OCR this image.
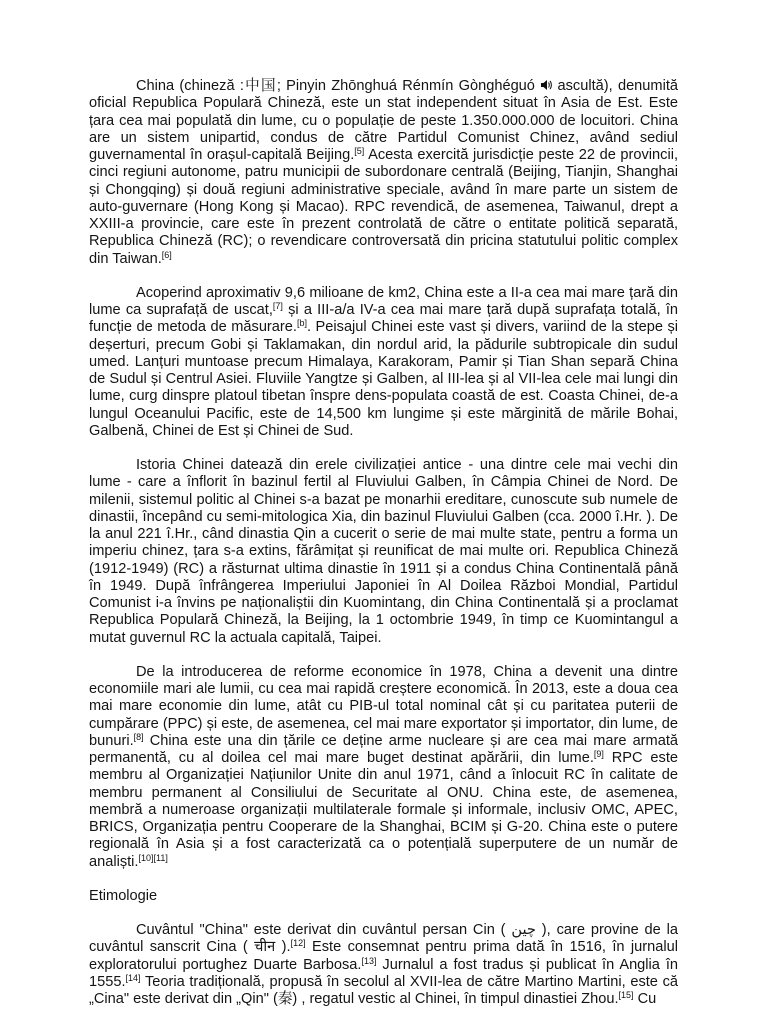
China (chineză :中国; Pinyin Zhōnghuá Rénmín Gònghéguó
ascultă), denumită oficial Republica Populară Chineză, este un stat independent situat în Asia de Est. Este țara cea mai populată din lume, cu o populație de peste 1.350.000.000 de locuitori. China are un sistem unipartid, condus de către Partidul Comunist Chinez, având sediul guvernamental în orașul-capitală Beijing.[5] Acesta exercită jurisdicție peste 22 de provincii, cinci regiuni autonome, patru municipii de subordonare centrală (Beijing, Tianjin, Shanghai și Chongqing) și două regiuni administrative speciale, având în mare parte un sistem de auto-guvernare (Hong Kong și Macao). RPC revendică, de asemenea, Taiwanul, drept a XXIII-a provincie, care este în prezent controlată de către o entitate politică separată, Republica Chineză (RC); o revendicare controversată din pricina statutului politic complex din Taiwan.[6]

Acoperind aproximativ 9,6 milioane de km2, China este a II-a cea mai mare țară din lume ca suprafață de uscat,[7] și a III-a/a IV-a cea mai mare țară după suprafața totală, în funcție de metoda de măsurare.[b]. Peisajul Chinei este vast și divers, variind de la stepe și deșerturi, precum Gobi și Taklamakan, din nordul arid, la pădurile subtropicale din sudul umed. Lanțuri muntoase precum Himalaya, Karakoram, Pamir și Tian Shan separă China de Sudul și Centrul Asiei. Fluviile Yangtze și Galben, al III-lea și al VII-lea cele mai lungi din lume, curg dinspre platoul tibetan înspre dens-populata coastă de est. Coasta Chinei, de-a lungul Oceanului Pacific, este de 14,500 km lungime și este mărginită de mările Bohai, Galbenă, Chinei de Est și Chinei de Sud.

Istoria Chinei datează din erele civilizației antice - una dintre cele mai vechi din lume - care a înflorit în bazinul fertil al Fluviului Galben, în Câmpia Chinei de Nord. De milenii, sistemul politic al Chinei s-a bazat pe monarhii ereditare, cunoscute sub numele de dinastii, începând cu semi-mitologica Xia, din bazinul Fluviului Galben (cca. 2000 î.Hr. ). De la anul 221 î.Hr., când dinastia Qin a cucerit o serie de mai multe state, pentru a forma un imperiu chinez, țara s-a extins, fărâmițat și reunificat de mai multe ori. Republica Chineză (1912-1949) (RC) a răsturnat ultima dinastie în 1911 și a condus China Continentală până în 1949. După înfrângerea Imperiului Japoniei în Al Doilea Război Mondial, Partidul Comunist i-a învins pe naționaliștii din Kuomintang, din China Continentală și a proclamat Republica Populară Chineză, la Beijing, la 1 octombrie 1949, în timp ce Kuomintangul a mutat guvernul RC la actuala capitală, Taipei.

De la introducerea de reforme economice în 1978, China a devenit una dintre economiile mari ale lumii, cu cea mai rapidă creștere economică. În 2013, este a doua cea mai mare economie din lume, atât cu PIB-ul total nominal cât și cu paritatea puterii de cumpărare (PPC) și este, de asemenea, cel mai mare exportator și importator, din lume, de bunuri.[8] China este una din țările ce deține arme nucleare și are cea mai mare armată permanentă, cu al doilea cel mai mare buget destinat apărării, din lume.[9] RPC este membru al Organizației Națiunilor Unite din anul 1971, când a înlocuit RC în calitate de membru permanent al Consiliului de Securitate al ONU. China este, de asemenea, membră a numeroase organizații multilaterale formale și informale, inclusiv OMC, APEC, BRICS, Organizația pentru Cooperare de la Shanghai, BCIM și G-20. China este o putere regională în Asia și a fost caracterizată ca o potențială superputere de un număr de analiști.[10][11]

Etimologie

Cuvântul "China" este derivat din cuvântul persan Cin ( چین ), care provine de la cuvântul sanscrit Cina ( चीन ).[12] Este consemnat pentru prima dată în 1516, în jurnalul exploratorului portughez Duarte Barbosa.[13] Jurnalul a fost tradus și publicat în Anglia în 1555.[14] Teoria tradițională, propusă în secolul al XVII-lea de către Martino Martini, este că „Cina" este derivat din „Qin" (秦) , regatul vestic al Chinei, în timpul dinastiei Zhou.[15] Cu
